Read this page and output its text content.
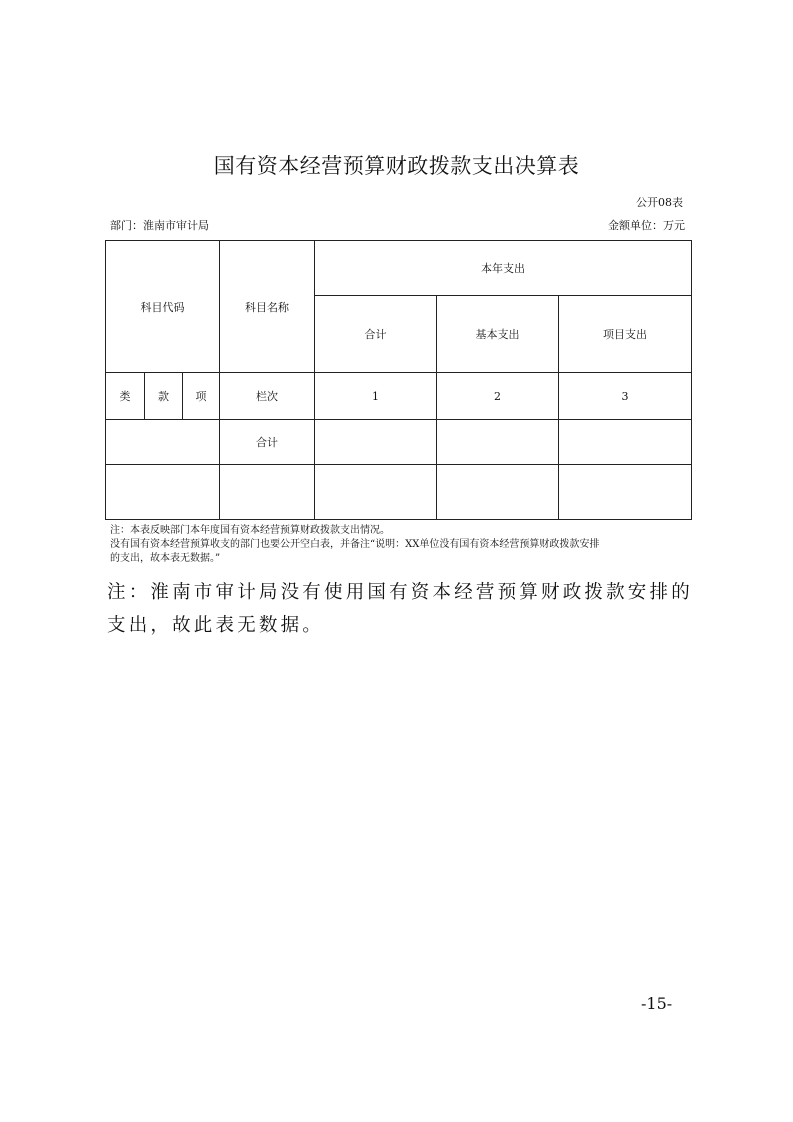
国有资本经营预算财政拨款支出决算表
公开08表
部门：淮南市审计局	金额单位：万元
科目代码			科目名称	本年支出		
				合计	基本支出	项目支出
类	款	项	栏次	1	2	3
			合计			

注：本表反映部门本年度国有资本经营预算财政拨款支出情况。
没有国有资本经营预算收支的部门也要公开空白表，并备注“说明：XX单位没有国有资本经营预算财政拨款安排
的支出，故本表无数据。”
注：淮南市审计局没有使用国有资本经营预算财政拨款安排的支出，故此表无数据。
-15-
